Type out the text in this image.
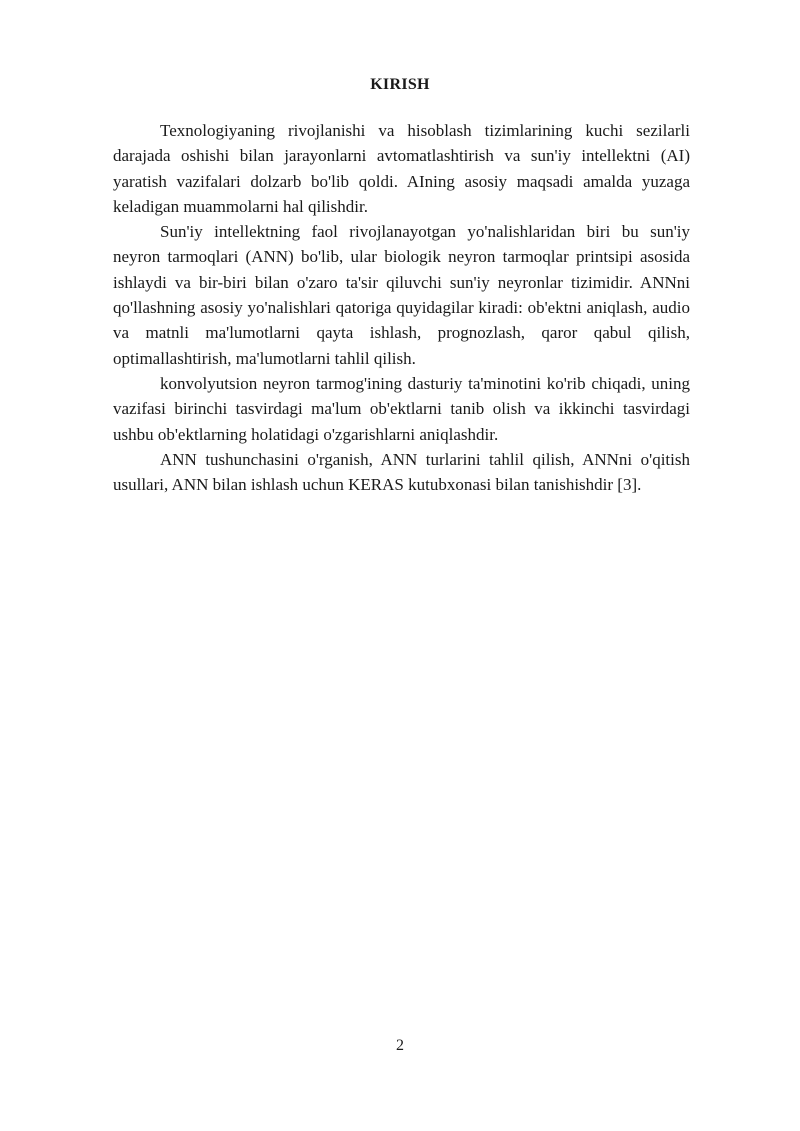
KIRISH

Texnologiyaning rivojlanishi va hisoblash tizimlarining kuchi sezilarli darajada oshishi bilan jarayonlarni avtomatlashtirish va sun'iy intellektni (AI) yaratish vazifalari dolzarb bo'lib qoldi. AIning asosiy maqsadi amalda yuzaga keladigan muammolarni hal qilishdir.

Sun'iy intellektning faol rivojlanayotgan yo'nalishlaridan biri bu sun'iy neyron tarmoqlari (ANN) bo'lib, ular biologik neyron tarmoqlar printsipi asosida ishlaydi va bir-biri bilan o'zaro ta'sir qiluvchi sun'iy neyronlar tizimidir. ANNni qo'llashning asosiy yo'nalishlari qatoriga quyidagilar kiradi: ob'ektni aniqlash, audio va matnli ma'lumotlarni qayta ishlash, prognozlash, qaror qabul qilish, optimallashtirish, ma'lumotlarni tahlil qilish.

konvolyutsion neyron tarmog'ining dasturiy ta'minotini ko'rib chiqadi, uning vazifasi birinchi tasvirdagi ma'lum ob'ektlarni tanib olish va ikkinchi tasvirdagi ushbu ob'ektlarning holatidagi o'zgarishlarni aniqlashdir.

ANN tushunchasini o'rganish, ANN turlarini tahlil qilish, ANNni o'qitish usullari, ANN bilan ishlash uchun KERAS kutubxonasi bilan tanishishdir [3].

2
